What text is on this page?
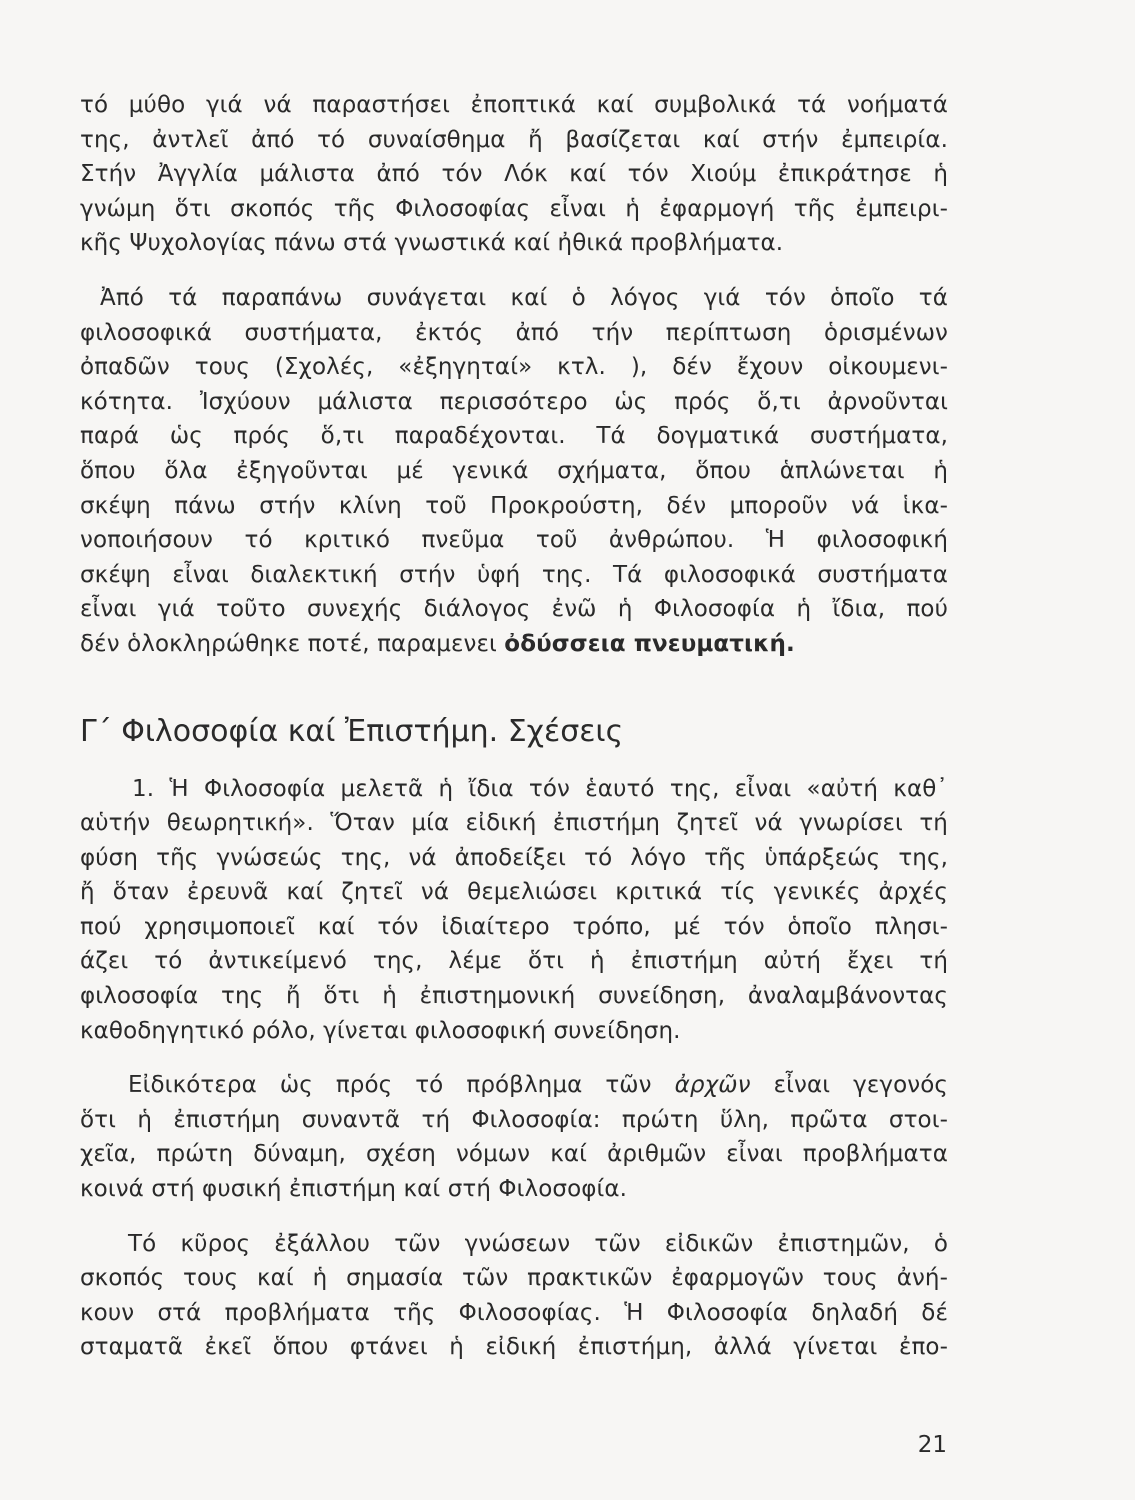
τό μύθο γιά νά παραστήσει ἐποπτικά καί συμβολικά τά νοήματά
της, ἀντλεῖ ἀπό τό συναίσθημα ἤ βασίζεται καί στήν ἐμπειρία.
Στήν Ἀγγλία μάλιστα ἀπό τόν Λόκ καί τόν Χιούμ ἐπικράτησε ἡ
γνώμη ὅτι σκοπός τῆς Φιλοσοφίας εἶναι ἡ ἐφαρμογή τῆς ἐμπειρι-
κῆς Ψυχολογίας πάνω στά γνωστικά καί ἠθικά προβλήματα.

Ἀπό τά παραπάνω συνάγεται καί ὁ λόγος γιά τόν ὁποῖο τά
φιλοσοφικά συστήματα, ἐκτός ἀπό τήν περίπτωση ὁρισμένων
ὀπαδῶν τους (Σχολές, «ἐξηγηταί» κτλ. ), δέν ἔχουν οἰκουμενι-
κότητα. Ἰσχύουν μάλιστα περισσότερο ὡς πρός ὅ,τι ἀρνοῦνται
παρά ὡς πρός ὅ,τι παραδέχονται. Τά δογματικά συστήματα,
ὅπου ὅλα ἐξηγοῦνται μέ γενικά σχήματα, ὅπου ἁπλώνεται ἡ
σκέψη πάνω στήν κλίνη τοῦ Προκρούστη, δέν μποροῦν νά ἱκα-
νοποιήσουν τό κριτικό πνεῦμα τοῦ ἀνθρώπου. Ἡ φιλοσοφική
σκέψη εἶναι διαλεκτική στήν ὑφή της. Τά φιλοσοφικά συστήματα
εἶναι γιά τοῦτο συνεχής διάλογος ἐνῶ ἡ Φιλοσοφία ἡ ἴδια, πού
δέν ὁλοκληρώθηκε ποτέ, παραμενει ὀδύσσεια πνευματική.

Γ΄ Φιλοσοφία καί Ἐπιστήμη. Σχέσεις

1. Ἡ Φιλοσοφία μελετᾶ ἡ ἴδια τόν ἑαυτό της, εἶναι «αὐτή καθ᾽
αὑτήν θεωρητική». Ὅταν μία εἰδική ἐπιστήμη ζητεῖ νά γνωρίσει τή
φύση τῆς γνώσεώς της, νά ἀποδείξει τό λόγο τῆς ὑπάρξεώς της,
ἤ ὅταν ἐρευνᾶ καί ζητεῖ νά θεμελιώσει κριτικά τίς γενικές ἀρχές
πού χρησιμοποιεῖ καί τόν ἰδιαίτερο τρόπο, μέ τόν ὁποῖο πλησι-
άζει τό ἀντικείμενό της, λέμε ὅτι ἡ ἐπιστήμη αὐτή ἔχει τή
φιλοσοφία της ἤ ὅτι ἡ ἐπιστημονική συνείδηση, ἀναλαμβάνοντας
καθοδηγητικό ρόλο, γίνεται φιλοσοφική συνείδηση.

Εἰδικότερα ὡς πρός τό πρόβλημα τῶν ἀρχῶν εἶναι γεγονός
ὅτι ἡ ἐπιστήμη συναντᾶ τή Φιλοσοφία: πρώτη ὕλη, πρῶτα στοι-
χεῖα, πρώτη δύναμη, σχέση νόμων καί ἀριθμῶν εἶναι προβλήματα
κοινά στή φυσική ἐπιστήμη καί στή Φιλοσοφία.

Τό κῦρος ἐξάλλου τῶν γνώσεων τῶν εἰδικῶν ἐπιστημῶν, ὁ
σκοπός τους καί ἡ σημασία τῶν πρακτικῶν ἐφαρμογῶν τους ἀνή-
κουν στά προβλήματα τῆς Φιλοσοφίας. Ἡ Φιλοσοφία δηλαδή δέ
σταματᾶ ἐκεῖ ὅπου φτάνει ἡ εἰδική ἐπιστήμη, ἀλλά γίνεται ἐπο-

21
